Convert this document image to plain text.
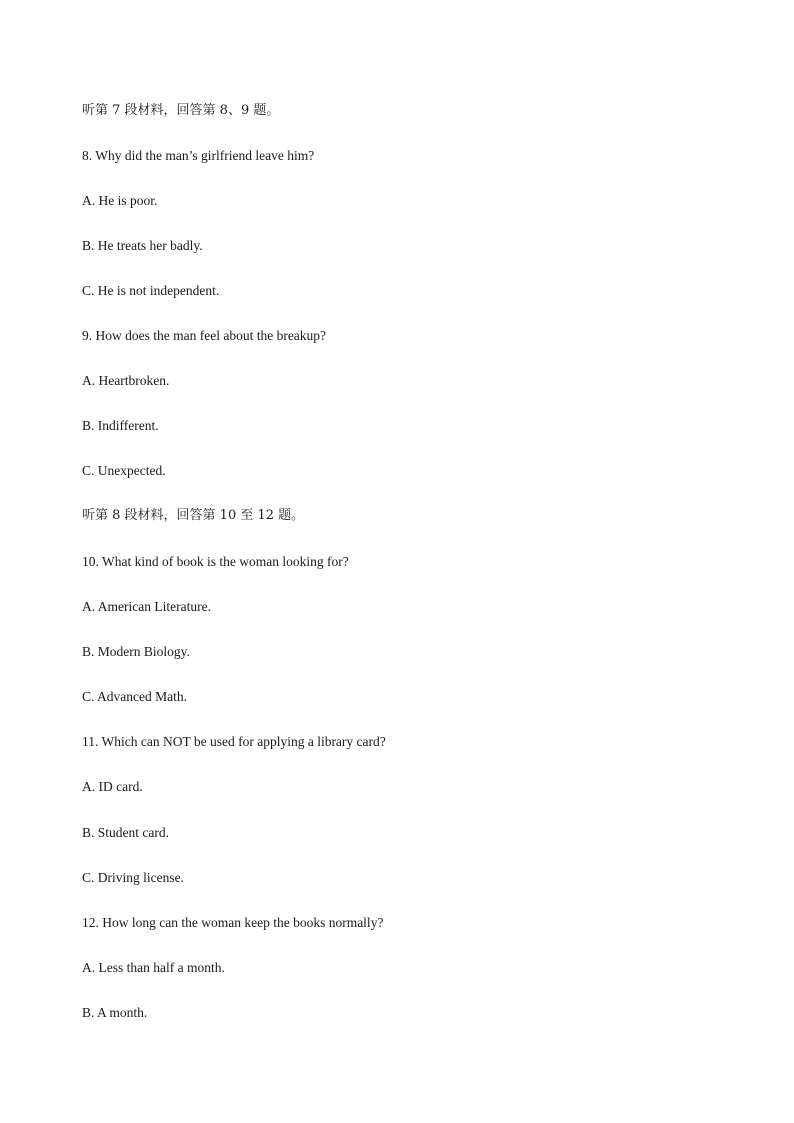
听第 7 段材料，回答第 8、9 题。
8. Why did the man’s girlfriend leave him?
A. He is poor.
B. He treats her badly.
C. He is not independent.
9. How does the man feel about the breakup?
A. Heartbroken.
B. Indifferent.
C. Unexpected.
听第 8 段材料，回答第 10 至 12 题。
10. What kind of book is the woman looking for?
A. American Literature.
B. Modern Biology.
C. Advanced Math.
11. Which can NOT be used for applying a library card?
A. ID card.
B. Student card.
C. Driving license.
12. How long can the woman keep the books normally?
A. Less than half a month.
B. A month.
